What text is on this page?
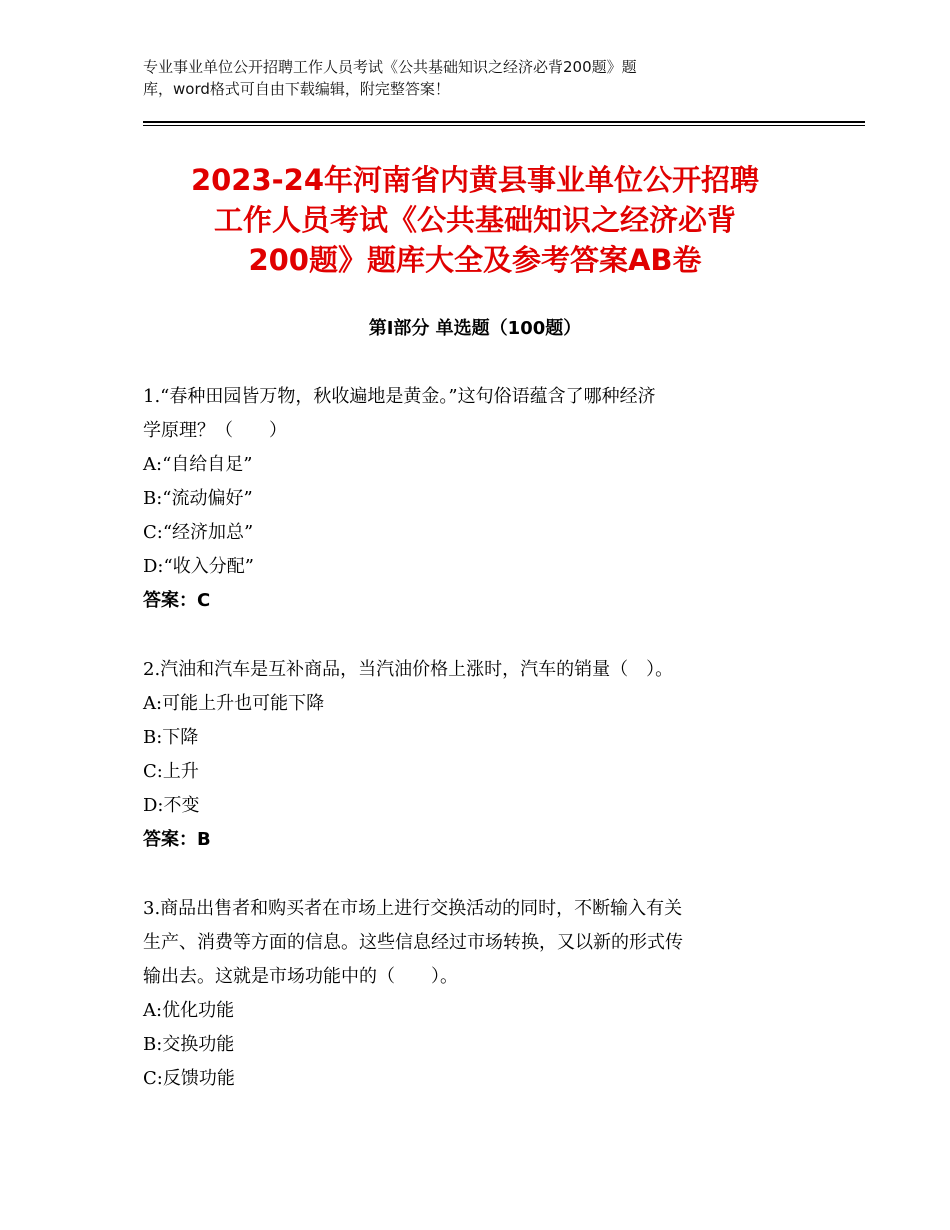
专业事业单位公开招聘工作人员考试《公共基础知识之经济必背200题》题
库，word格式可自由下载编辑，附完整答案！
2023-24年河南省内黄县事业单位公开招聘
工作人员考试《公共基础知识之经济必背
200题》题库大全及参考答案AB卷
第Ⅰ部分 单选题（100题）
1.“春种田园皆万物，秋收遍地是黄金。”这句俗语蕴含了哪种经济
学原理？（　　）
A:“自给自足”
B:“流动偏好”
C:“经济加总”
D:“收入分配”
答案：C
2.汽油和汽车是互补商品，当汽油价格上涨时，汽车的销量（　）。
A:可能上升也可能下降
B:下降
C:上升
D:不变
答案：B
3.商品出售者和购买者在市场上进行交换活动的同时，不断输入有关
生产、消费等方面的信息。这些信息经过市场转换，又以新的形式传
输出去。这就是市场功能中的（　　）。
A:优化功能
B:交换功能
C:反馈功能
